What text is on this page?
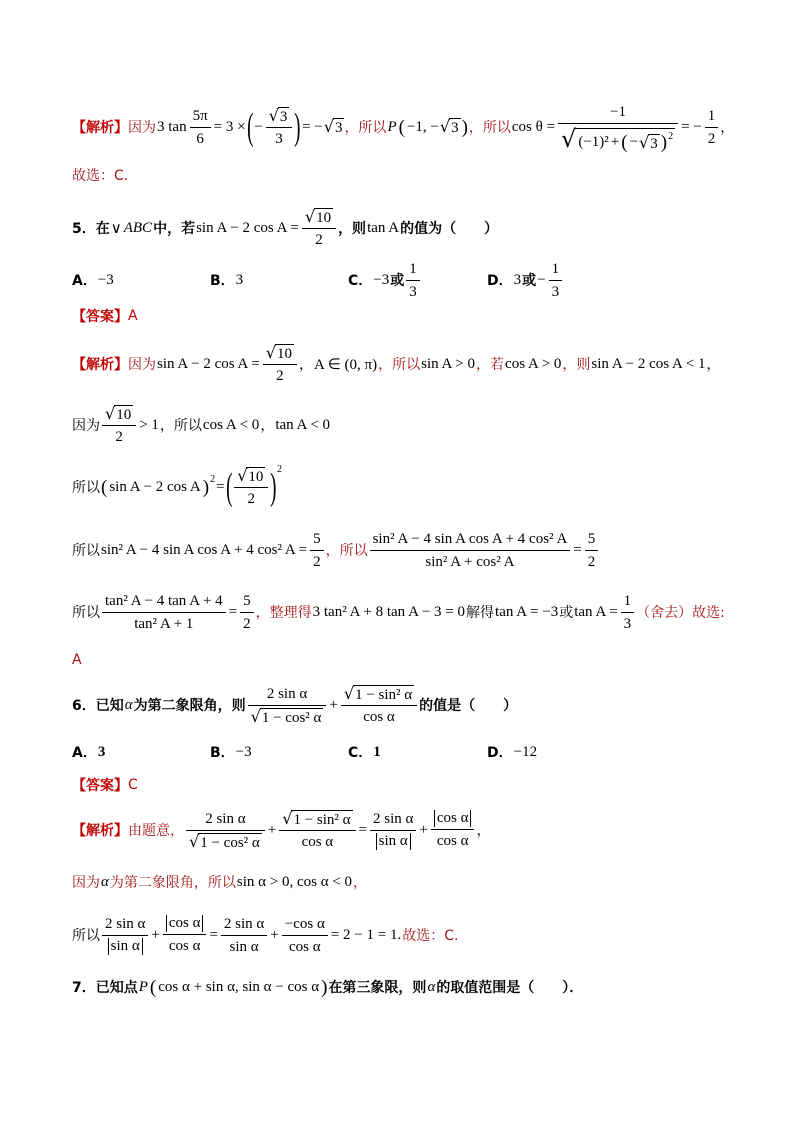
【解析】 因为 3 $\tan \frac{5\pi}{6} = 3$ × ( − $\frac{√ 3}{3}$ ) = − √ 3 ，所以 P ( −1, − √ 3 ) ，所以 $\cos \theta = \frac{-1}{\text{√ (−1)² + ( − √ 3 ) 2}}$ = − $\frac{1}{2}$ ，
故选：C.
5．在 ∨ ABC 中，若 sin A − 2 $\cos A = \frac{√ 10}{2}$ ，则 tan A 的值为（　　）
A． −3	B． 3	C． −3 或 $\frac{1}{3}$	D． 3 或 − $\frac{1}{3}$
【答案】 A
【解析】 因为 sin A − 2 $\cos A = \frac{√ 10}{2}$ ， A ∈ (0, π) ，所以 sin A > 0 ，若 cos A > 0 ，则 sin A − 2 cos A < 1 ，
因为 $\frac{√ 10}{2} > 1$ ，所以 cos A < 0 ， tan A < 0
所以 ( sin A − 2 cos A ) 2 = ( $\frac{√ 10}{2}$ ) 2
所以 sin² A − 4 sin A cos A + 4 cos² $A = \frac{5}{2}$ ，所以 $\frac{\text{sin² A − 4 sin A cos A + 4 cos² A}}{\text{sin² A + cos² A}} = \frac{5}{2}$
所以 $\frac{\text{tan² A − 4 tan A + 4}}{\text{tan² A + 1}} = \frac{5}{2}$ ，整理得 3 tan² A + 8 tan A − 3 = 0 解得 tan A = −3 或 $\tan A = \frac{1}{3}$ （舍去）故选:
A
6．已知 α 为第二象限角，则 $\frac{\text{2 sin α}}{\text{√ 1 − cos² α}} + \frac{\text{√ 1 − sin² α}}{\text{cos α}}$ 的值是（　　）
A． 3	B． −3	C． 1	D． −12
【答案】 C
【解析】 由题意， $\frac{\text{2 sin α}}{\text{√ 1 − cos² α}} + \frac{\text{√ 1 − sin² α}}{\text{cos α}} = \frac{\text{2 sin α}}{\text{sin α}} + \frac{\text{cos α}}{\text{cos α}}$ ，
因为 α 为第二象限角，所以 sin α > 0, cos α < 0 ，
所以 $\frac{\text{2 sin α}}{\text{sin α}} + \frac{\text{cos α}}{\text{cos α}} = \frac{\text{2 sin α}}{\text{sin α}} + \frac{\text{−cos α}}{\text{cos α}} = 2 - 1 = 1$. 故选：C.
7．已知点 P ( cos α + sin α, sin α − cos α ) 在第三象限，则 α 的取值范围是（　　）．
